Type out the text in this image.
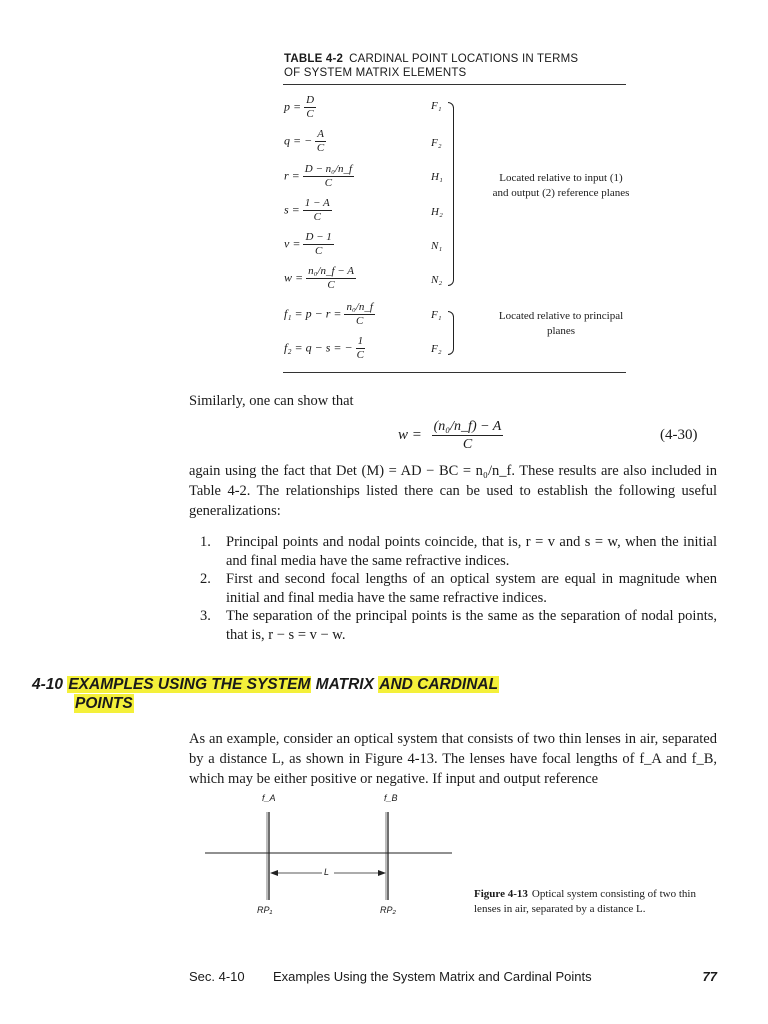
TABLE 4-2 CARDINAL POINT LOCATIONS IN TERMS
OF SYSTEM MATRIX ELEMENTS
$p = \frac{D}{C}$	F₁
q = − $\frac{A}{C}$	F₂
$r = \frac{\text{D − n₀/n\_f}}{C}$	H₁
$s = \frac{1 - A}{C}$	H₂
$v = \frac{D - 1}{C}$	N₁
$w = \frac{\text{n₀/n\_f − A}}{C}$	N₂
Located relative to input (1) and output (2) reference planes
$f_1 = p - r = \frac{\text{n₀/n\_f}}{C}$	F₁
f₂ = q − s = − $\frac{1}{C}$	F₂
Located relative to principal planes
Similarly, one can show that
$w = \frac{\text{(n₀/n\_f) − A}}{C}$	(4-30)
again using the fact that Det (M) = AD − BC = n₀/n_f. These results are also included in Table 4-2. The relationships listed there can be used to establish the following useful generalizations:
1.	Principal points and nodal points coincide, that is, r = v and s = w, when the initial and final media have the same refractive indices.
2.	First and second focal lengths of an optical system are equal in magnitude when initial and final media have the same refractive indices.
3.	The separation of the principal points is the same as the separation of nodal points, that is, r − s = v − w.
4-10 EXAMPLES USING THE SYSTEM MATRIX AND CARDINAL
POINTS
As an example, consider an optical system that consists of two thin lenses in air, separated by a distance L, as shown in Figure 4-13. The lenses have focal lengths of f_A and f_B, which may be either positive or negative. If input and output reference
f_A	f_B
L
RP₁	RP₂
Figure 4-13 Optical system consisting of two thin lenses in air, separated by a distance L.
Sec. 4-10 Examples Using the System Matrix and Cardinal Points	77
